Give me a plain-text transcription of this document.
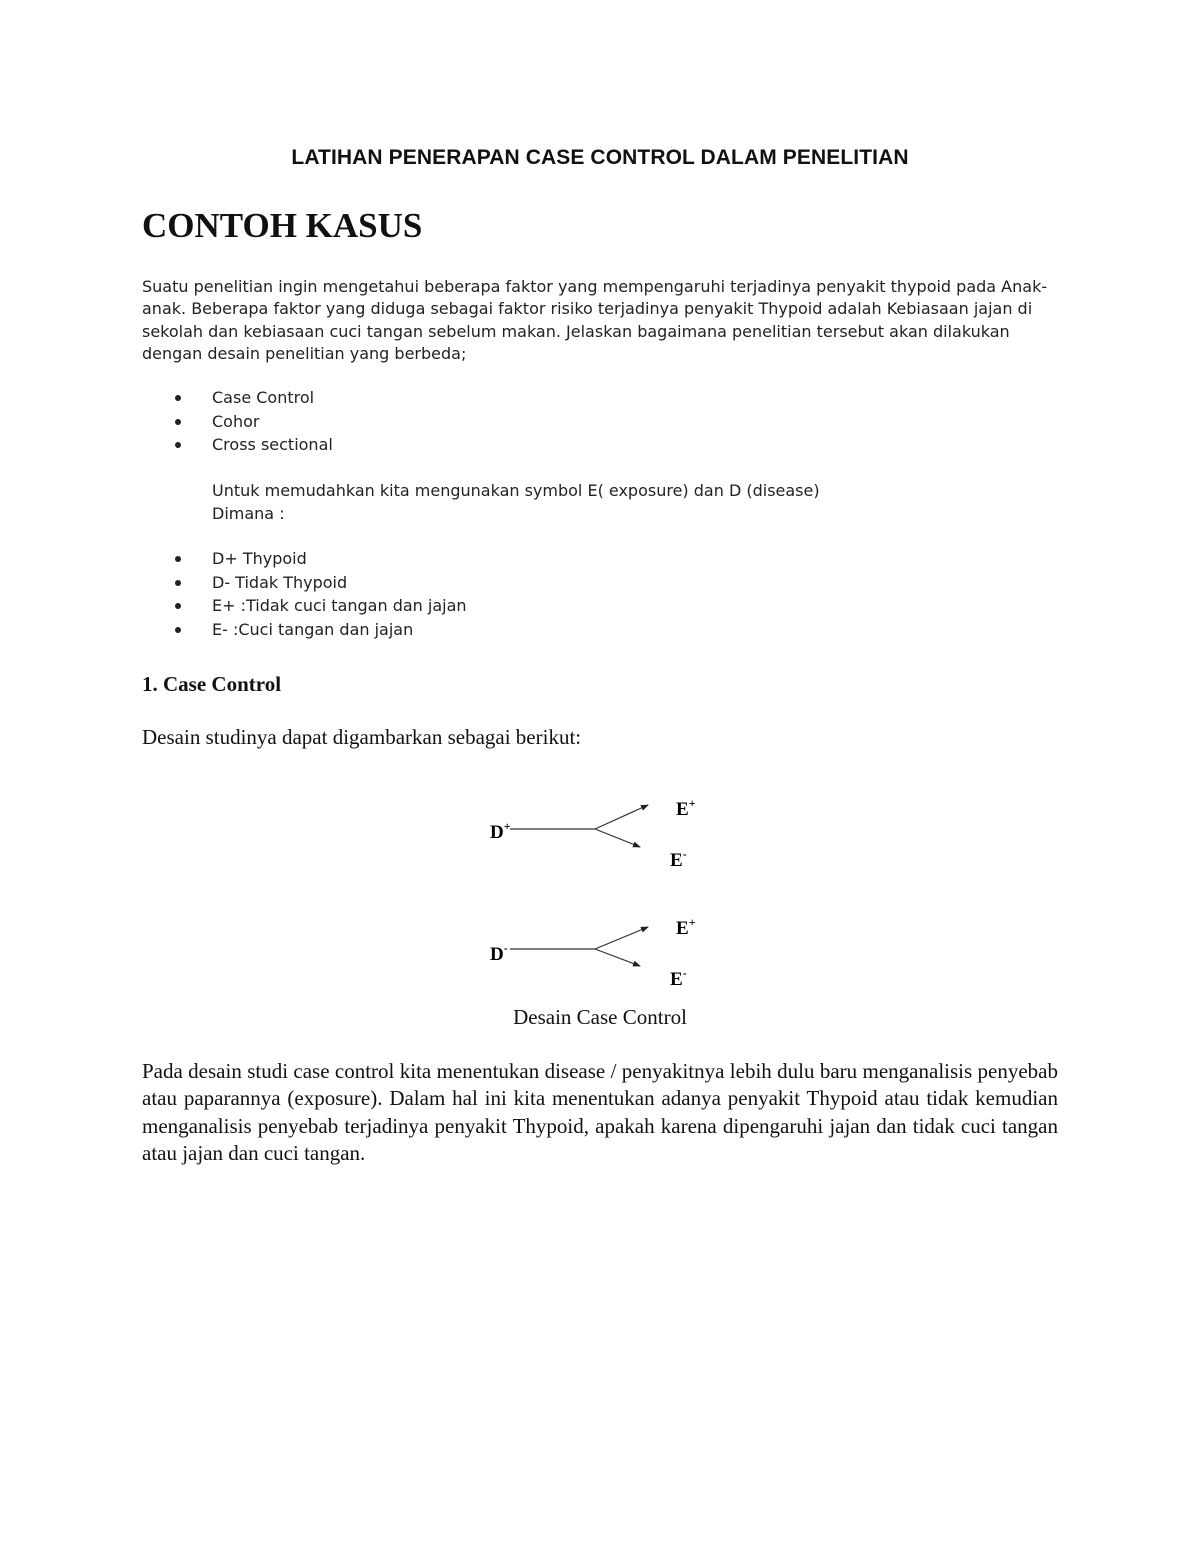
LATIHAN PENERAPAN CASE CONTROL DALAM PENELITIAN
CONTOH KASUS
Suatu penelitian ingin mengetahui beberapa faktor yang mempengaruhi terjadinya penyakit thypoid pada Anak-anak. Beberapa faktor yang diduga sebagai faktor risiko terjadinya penyakit Thypoid adalah Kebiasaan jajan di sekolah dan kebiasaan cuci tangan sebelum makan. Jelaskan bagaimana penelitian tersebut akan dilakukan dengan desain penelitian yang berbeda;
Case Control
Cohor
Cross sectional
Untuk memudahkan kita mengunakan symbol E( exposure) dan D (disease)
Dimana :
D+ Thypoid
D- Tidak Thypoid
E+ :Tidak cuci tangan dan jajan
E- :Cuci tangan dan jajan
1. Case Control
Desain studinya dapat digambarkan sebagai berikut:
D+
E+
E-
D-
E+
E-
Desain Case Control
Pada desain studi case control kita menentukan disease / penyakitnya lebih dulu baru menganalisis penyebab atau paparannya (exposure). Dalam hal ini kita menentukan adanya penyakit Thypoid atau tidak kemudian menganalisis penyebab terjadinya penyakit Thypoid, apakah karena dipengaruhi jajan dan tidak cuci tangan atau jajan dan cuci tangan.
